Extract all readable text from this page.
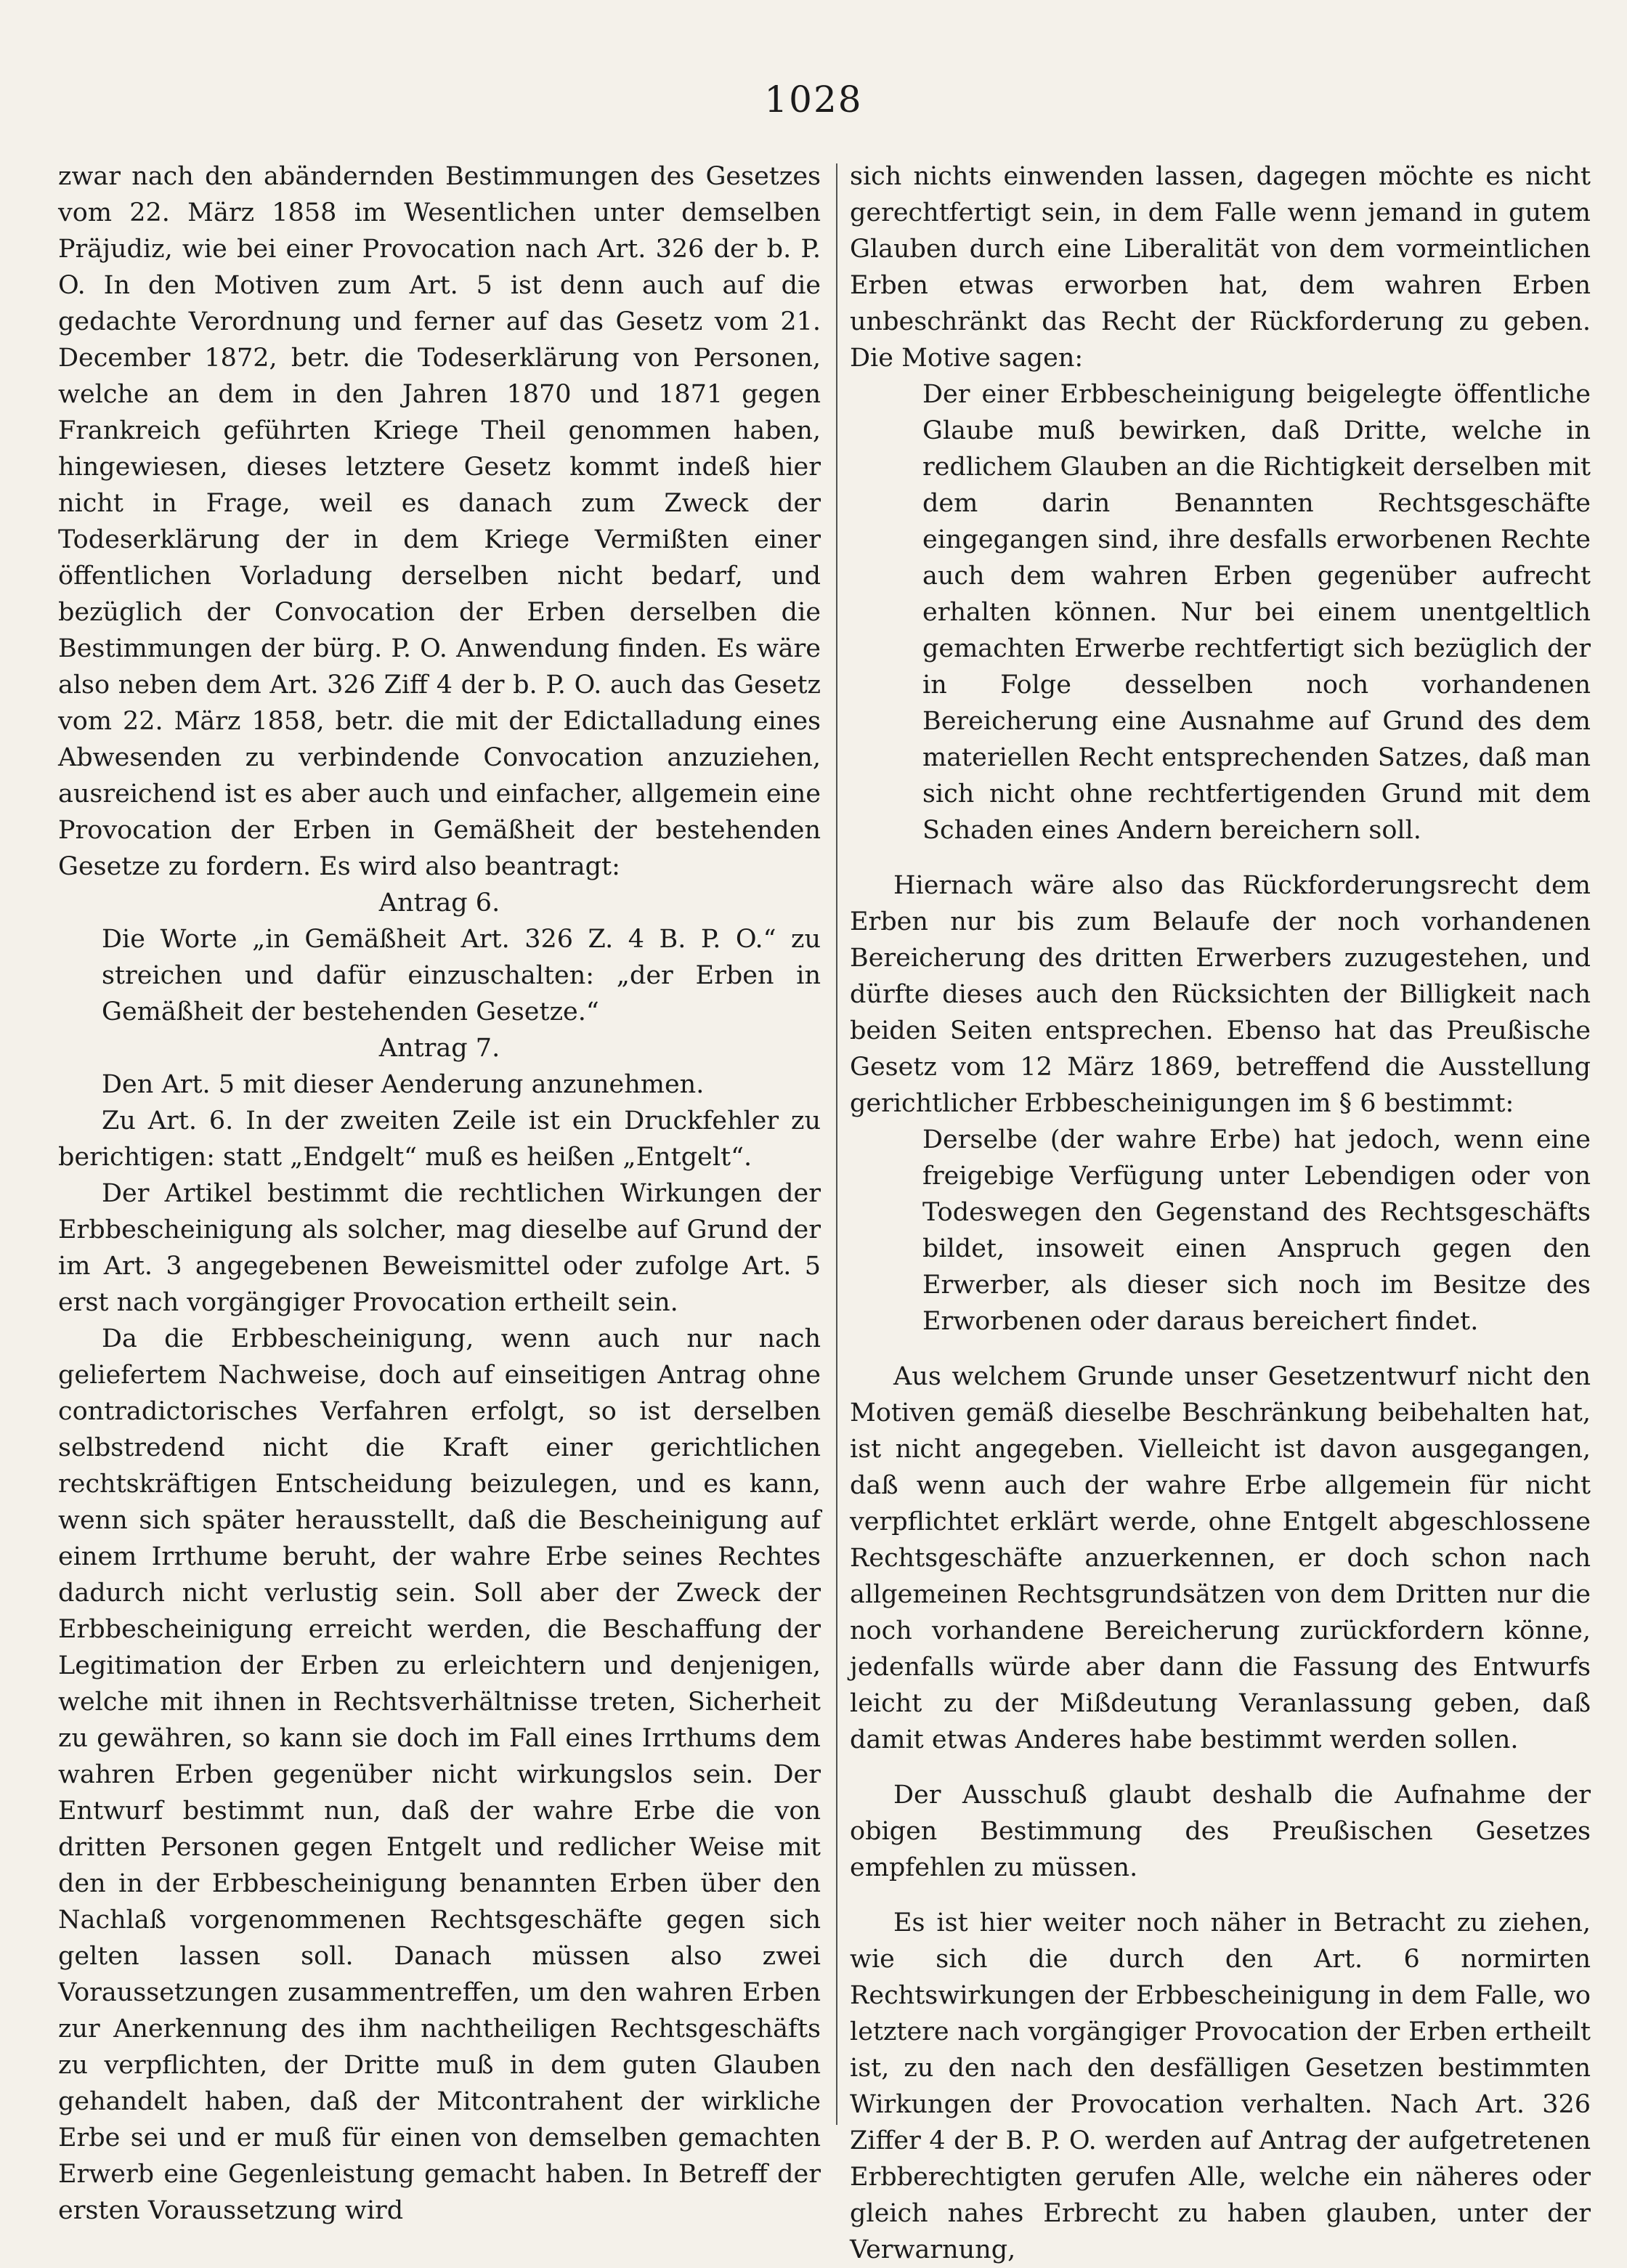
1028

zwar nach den abändernden Bestimmungen des Gesetzes vom 22. März 1858 im Wesentlichen unter demselben Präjudiz, wie bei einer Provocation nach Art. 326 der b. P. O. In den Motiven zum Art. 5 ist denn auch auf die gedachte Verordnung und ferner auf das Gesetz vom 21. December 1872, betr. die Todeserklärung von Personen, welche an dem in den Jahren 1870 und 1871 gegen Frankreich geführten Kriege Theil genommen haben, hingewiesen, dieses letztere Gesetz kommt indeß hier nicht in Frage, weil es danach zum Zweck der Todeserklärung der in dem Kriege Vermißten einer öffentlichen Vorladung derselben nicht bedarf, und bezüglich der Convocation der Erben derselben die Bestimmungen der bürg. P. O. Anwendung finden. Es wäre also neben dem Art. 326 Ziff 4 der b. P. O. auch das Gesetz vom 22. März 1858, betr. die mit der Edictalladung eines Abwesenden zu verbindende Convocation anzuziehen, ausreichend ist es aber auch und einfacher, allgemein eine Provocation der Erben in Gemäßheit der bestehenden Gesetze zu fordern. Es wird also beantragt:

Antrag 6.

Die Worte „in Gemäßheit Art. 326 Z. 4 B. P. O.“ zu streichen und dafür einzuschalten: „der Erben in Gemäßheit der bestehenden Gesetze.“

Antrag 7.

Den Art. 5 mit dieser Aenderung anzunehmen.

Zu Art. 6. In der zweiten Zeile ist ein Druckfehler zu berichtigen: statt „Endgelt“ muß es heißen „Entgelt“.

Der Artikel bestimmt die rechtlichen Wirkungen der Erbbescheinigung als solcher, mag dieselbe auf Grund der im Art. 3 angegebenen Beweismittel oder zufolge Art. 5 erst nach vorgängiger Provocation ertheilt sein.

Da die Erbbescheinigung, wenn auch nur nach geliefertem Nachweise, doch auf einseitigen Antrag ohne contradictorisches Verfahren erfolgt, so ist derselben selbstredend nicht die Kraft einer gerichtlichen rechtskräftigen Entscheidung beizulegen, und es kann, wenn sich später herausstellt, daß die Bescheinigung auf einem Irrthume beruht, der wahre Erbe seines Rechtes dadurch nicht verlustig sein. Soll aber der Zweck der Erbbescheinigung erreicht werden, die Beschaffung der Legitimation der Erben zu erleichtern und denjenigen, welche mit ihnen in Rechtsverhältnisse treten, Sicherheit zu gewähren, so kann sie doch im Fall eines Irrthums dem wahren Erben gegenüber nicht wirkungslos sein. Der Entwurf bestimmt nun, daß der wahre Erbe die von dritten Personen gegen Entgelt und redlicher Weise mit den in der Erbbescheinigung benannten Erben über den Nachlaß vorgenommenen Rechtsgeschäfte gegen sich gelten lassen soll. Danach müssen also zwei Voraussetzungen zusammentreffen, um den wahren Erben zur Anerkennung des ihm nachtheiligen Rechtsgeschäfts zu verpflichten, der Dritte muß in dem guten Glauben gehandelt haben, daß der Mitcontrahent der wirkliche Erbe sei und er muß für einen von demselben gemachten Erwerb eine Gegenleistung gemacht haben. In Betreff der ersten Voraussetzung wird

sich nichts einwenden lassen, dagegen möchte es nicht gerechtfertigt sein, in dem Falle wenn jemand in gutem Glauben durch eine Liberalität von dem vormeintlichen Erben etwas erworben hat, dem wahren Erben unbeschränkt das Recht der Rückforderung zu geben. Die Motive sagen:

Der einer Erbbescheinigung beigelegte öffentliche Glaube muß bewirken, daß Dritte, welche in redlichem Glauben an die Richtigkeit derselben mit dem darin Benannten Rechtsgeschäfte eingegangen sind, ihre desfalls erworbenen Rechte auch dem wahren Erben gegenüber aufrecht erhalten können. Nur bei einem unentgeltlich gemachten Erwerbe rechtfertigt sich bezüglich der in Folge desselben noch vorhandenen Bereicherung eine Ausnahme auf Grund des dem materiellen Recht entsprechenden Satzes, daß man sich nicht ohne rechtfertigenden Grund mit dem Schaden eines Andern bereichern soll.

Hiernach wäre also das Rückforderungsrecht dem Erben nur bis zum Belaufe der noch vorhandenen Bereicherung des dritten Erwerbers zuzugestehen, und dürfte dieses auch den Rücksichten der Billigkeit nach beiden Seiten entsprechen. Ebenso hat das Preußische Gesetz vom 12 März 1869, betreffend die Ausstellung gerichtlicher Erbbescheinigungen im § 6 bestimmt:

Derselbe (der wahre Erbe) hat jedoch, wenn eine freigebige Verfügung unter Lebendigen oder von Todeswegen den Gegenstand des Rechtsgeschäfts bildet, insoweit einen Anspruch gegen den Erwerber, als dieser sich noch im Besitze des Erworbenen oder daraus bereichert findet.

Aus welchem Grunde unser Gesetzentwurf nicht den Motiven gemäß dieselbe Beschränkung beibehalten hat, ist nicht angegeben. Vielleicht ist davon ausgegangen, daß wenn auch der wahre Erbe allgemein für nicht verpflichtet erklärt werde, ohne Entgelt abgeschlossene Rechtsgeschäfte anzuerkennen, er doch schon nach allgemeinen Rechtsgrundsätzen von dem Dritten nur die noch vorhandene Bereicherung zurückfordern könne, jedenfalls würde aber dann die Fassung des Entwurfs leicht zu der Mißdeutung Veranlassung geben, daß damit etwas Anderes habe bestimmt werden sollen.

Der Ausschuß glaubt deshalb die Aufnahme der obigen Bestimmung des Preußischen Gesetzes empfehlen zu müssen.

Es ist hier weiter noch näher in Betracht zu ziehen, wie sich die durch den Art. 6 normirten Rechtswirkungen der Erbbescheinigung in dem Falle, wo letztere nach vorgängiger Provocation der Erben ertheilt ist, zu den nach den desfälligen Gesetzen bestimmten Wirkungen der Provocation verhalten. Nach Art. 326 Ziffer 4 der B. P. O. werden auf Antrag der aufgetretenen Erbberechtigten gerufen Alle, welche ein näheres oder gleich nahes Erbrecht zu haben glauben, unter der Verwarnung,
